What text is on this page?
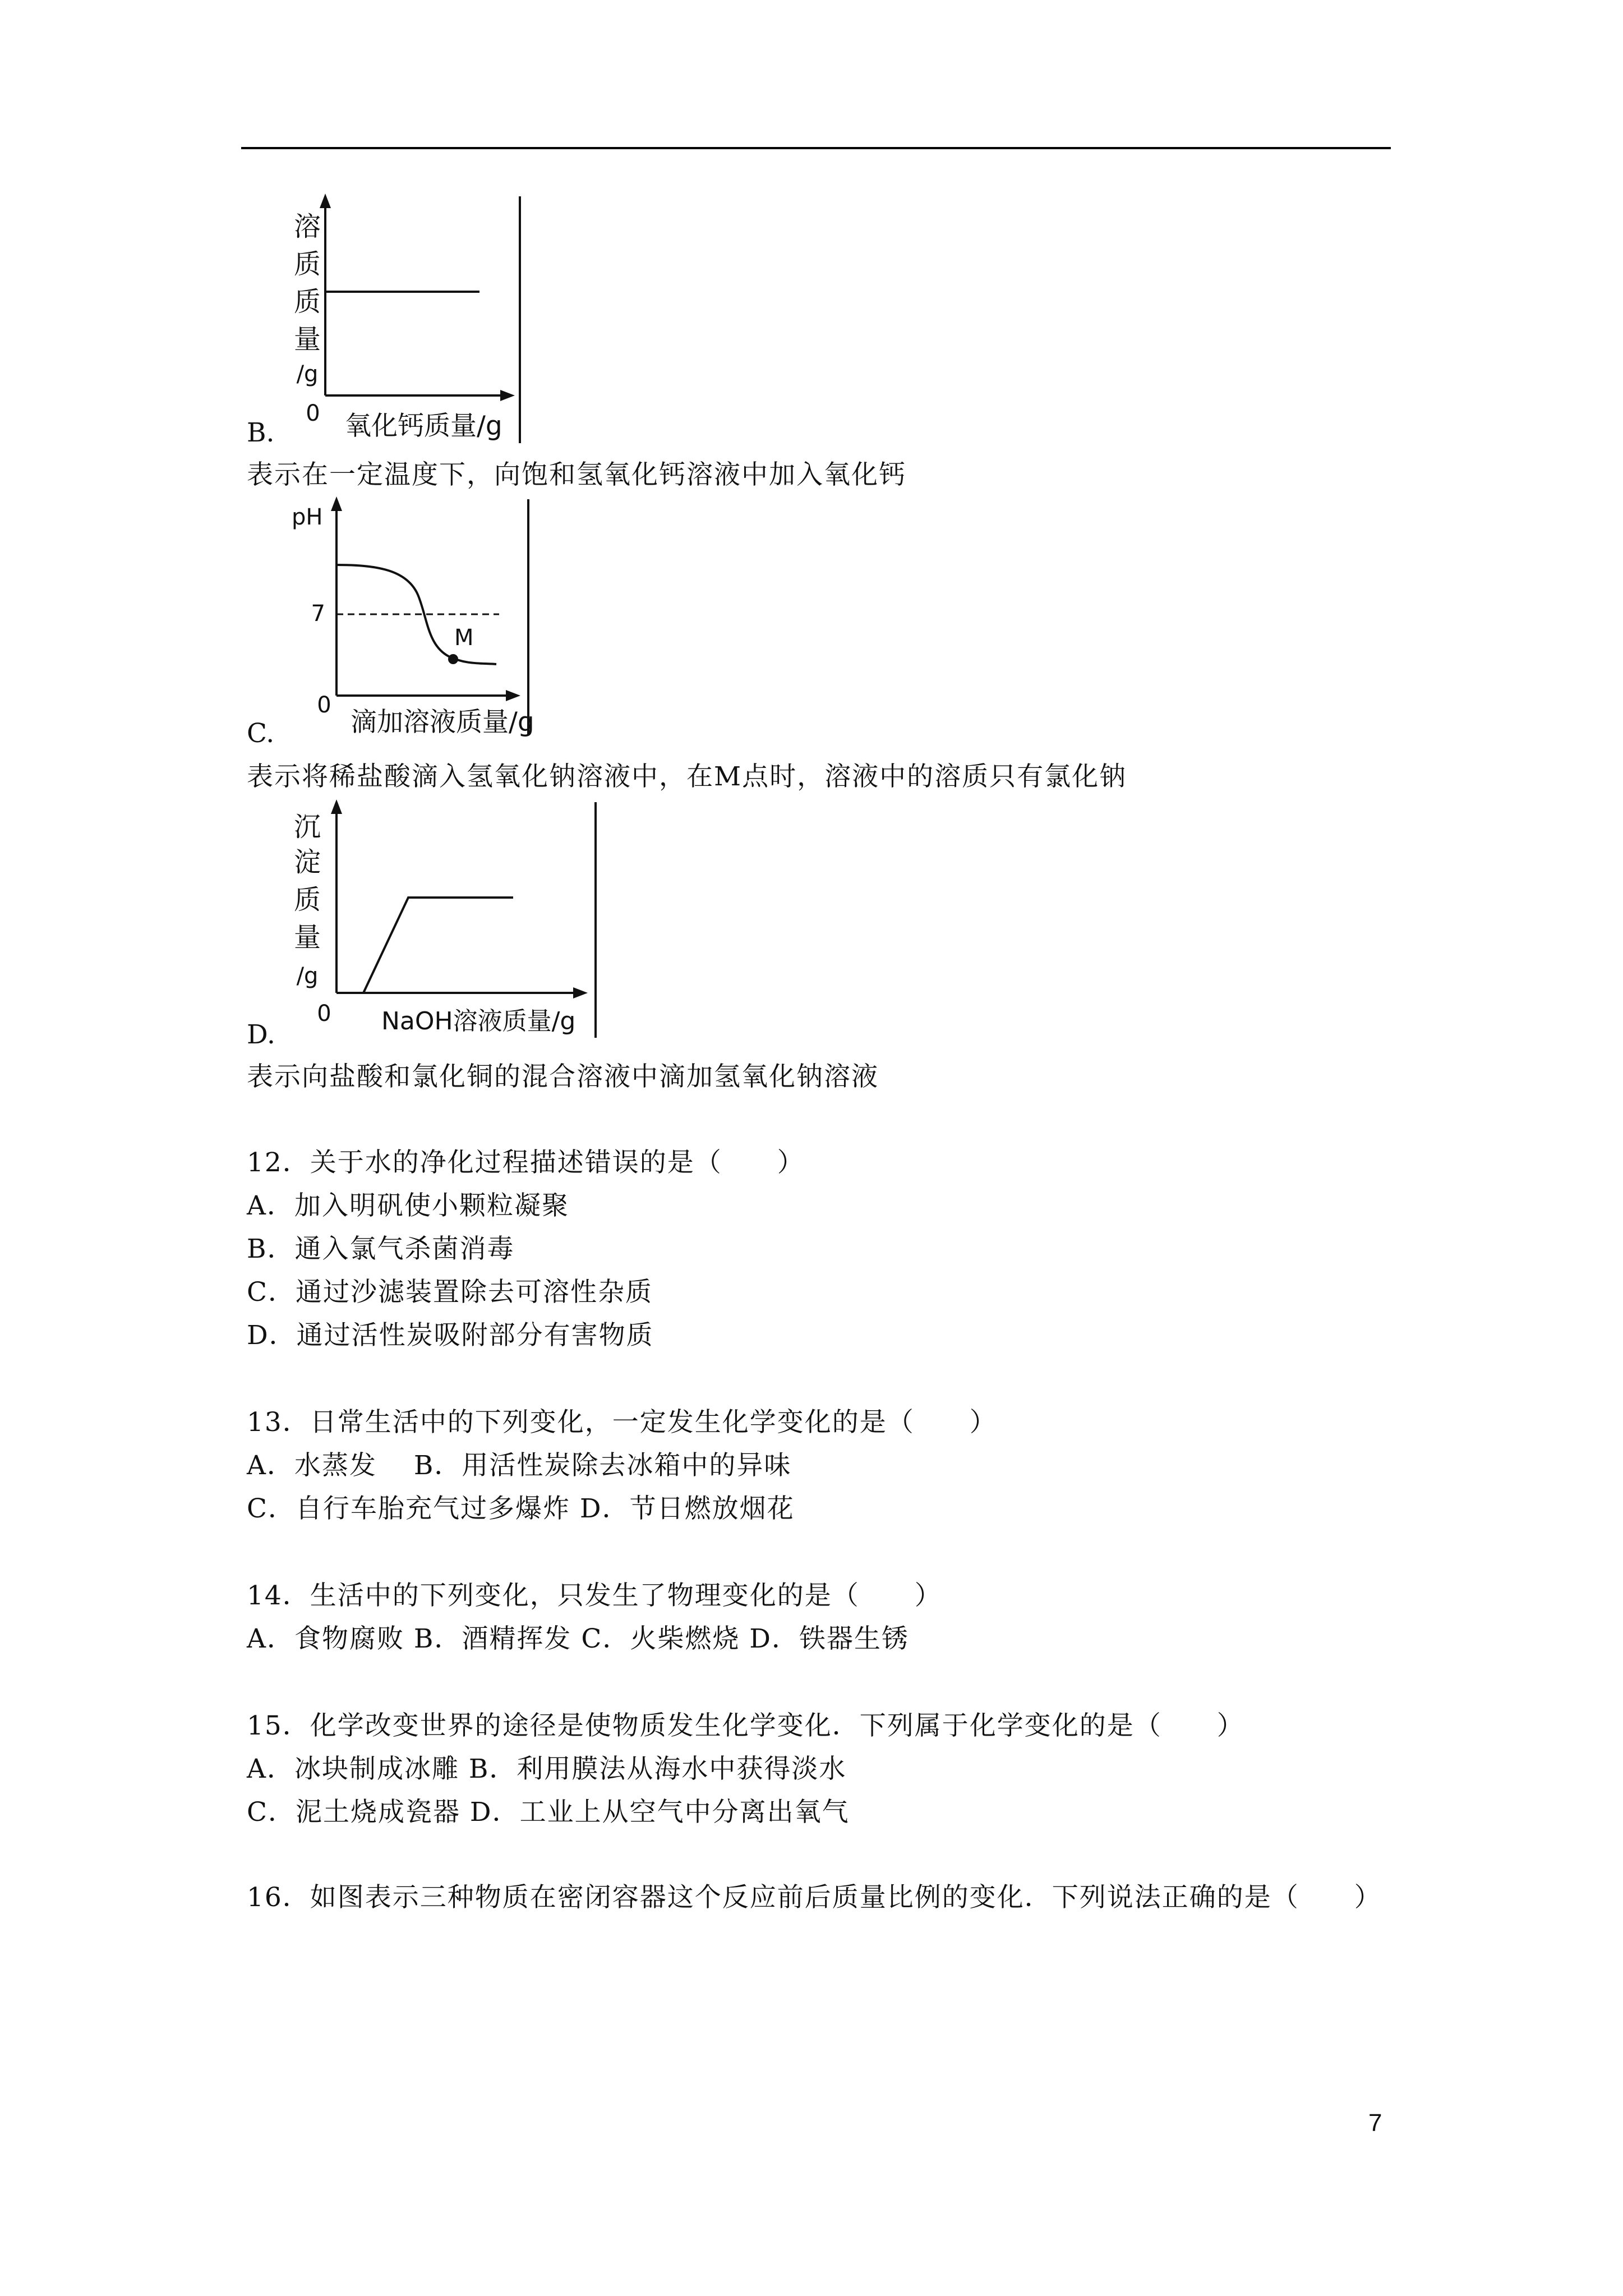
溶
质
质
量
/g
0 氧化钙质量/g
B.
表示在一定温度下，向饱和氢氧化钙溶液中加入氧化钙
pH
7
M
0
滴加溶液质量/g
C.
表示将稀盐酸滴入氢氧化钠溶液中，在M点时，溶液中的溶质只有氯化钠
沉
淀
质
量
/g
0 NaOH溶液质量/g
D.
表示向盐酸和氯化铜的混合溶液中滴加氢氧化钠溶液
12．关于水的净化过程描述错误的是（　　）
A．加入明矾使小颗粒凝聚
B．通入氯气杀菌消毒
C．通过沙滤装置除去可溶性杂质
D．通过活性炭吸附部分有害物质
13．日常生活中的下列变化，一定发生化学变化的是（　　）
A．水蒸发　 B．用活性炭除去冰箱中的异味
C．自行车胎充气过多爆炸 D．节日燃放烟花
14．生活中的下列变化，只发生了物理变化的是（　　）
A．食物腐败 B．酒精挥发 C．火柴燃烧 D．铁器生锈
15．化学改变世界的途径是使物质发生化学变化．下列属于化学变化的是（　　）
A．冰块制成冰雕 B．利用膜法从海水中获得淡水
C．泥土烧成瓷器 D．工业上从空气中分离出氧气
16．如图表示三种物质在密闭容器这个反应前后质量比例的变化．下列说法正确的是（　　）
7
